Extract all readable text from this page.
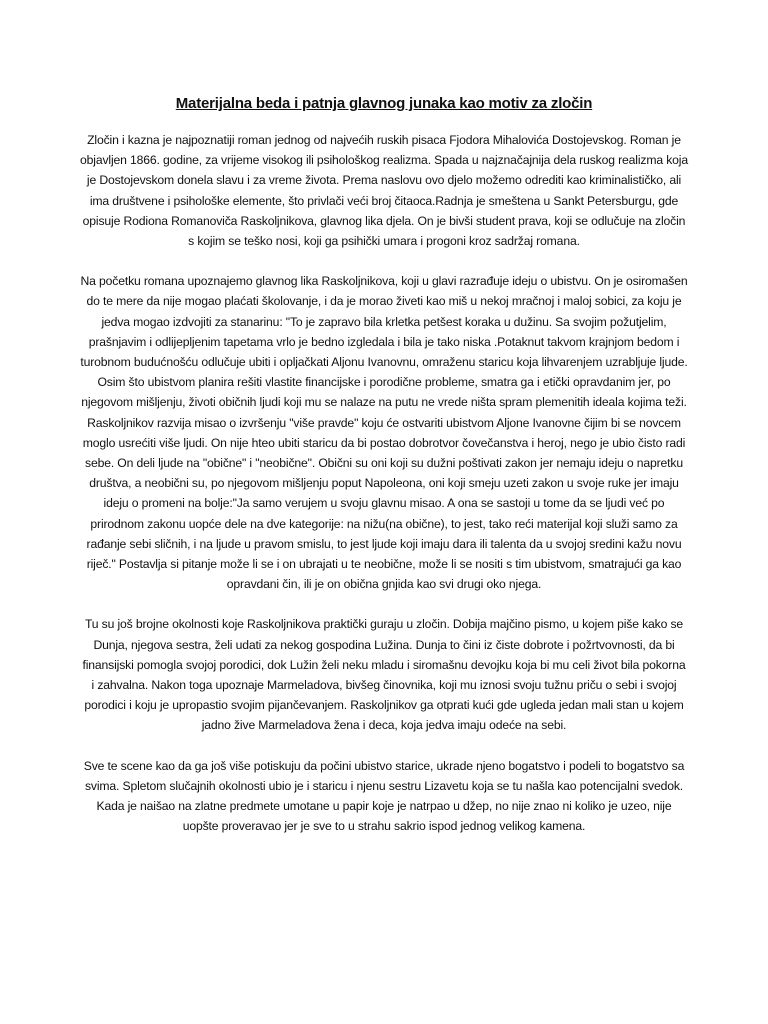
Materijalna beda i patnja glavnog junaka kao motiv za zločin

Zločin i kazna je najpoznatiji roman jednog od najvećih ruskih pisaca Fjodora Mihalovića Dostojevskog. Roman je objavljen 1866. godine, za vrijeme visokog ili psihološkog realizma. Spada u najznačajnija dela ruskog realizma koja je Dostojevskom donela slavu i za vreme života. Prema naslovu ovo djelo možemo odrediti kao kriminalističko, ali ima društvene i psihološke elemente, što privlači veći broj čitaoca.Radnja je smeštena u Sankt Petersburgu, gde opisuje Rodiona Romanoviča Raskoljnikova, glavnog lika djela. On je bivši student prava, koji se odlučuje na zločin s kojim se teško nosi, koji ga psihički umara i progoni kroz sadržaj romana.

Na početku romana upoznajemo glavnog lika Raskoljnikova, koji u glavi razrađuje ideju o ubistvu. On je osiromašen do te mere da nije mogao plaćati školovanje, i da je morao živeti kao miš u nekoj mračnoj i maloj sobici, za koju je jedva mogao izdvojiti za stanarinu: "To je zapravo bila krletka petšest koraka u dužinu. Sa svojim požutjelim, prašnjavim i odlijepljenim tapetama vrlo je bedno izgledala i bila je tako niska .Potaknut takvom krajnjom bedom i turobnom budućnošću odlučuje ubiti i opljačkati Aljonu Ivanovnu, omraženu staricu koja lihvarenjem uzrabljuje ljude. Osim što ubistvom planira rešiti vlastite financijske i porodične probleme, smatra ga i etički opravdanim jer, po njegovom mišljenju, životi običnih ljudi koji mu se nalaze na putu ne vrede ništa spram plemenitih ideala kojima teži. Raskoljnikov razvija misao o izvršenju "više pravde" koju će ostvariti ubistvom Aljone Ivanovne čijim bi se novcem moglo usrećiti više ljudi. On nije hteo ubiti staricu da bi postao dobrotvor čovečanstva i heroj, nego je ubio čisto radi sebe. On deli ljude na "obične" i "neobične". Obični su oni koji su dužni poštivati zakon jer nemaju ideju o napretku društva, a neobični su, po njegovom mišljenju poput Napoleona, oni koji smeju uzeti zakon u svoje ruke jer imaju ideju o promeni na bolje:"Ja samo verujem u svoju glavnu misao. A ona se sastoji u tome da se ljudi već po prirodnom zakonu uopće dele na dve kategorije: na nižu(na obične), to jest, tako reći materijal koji služi samo za rađanje sebi sličnih, i na ljude u pravom smislu, to jest ljude koji imaju dara ili talenta da u svojoj sredini kažu novu riječ." Postavlja si pitanje može li se i on ubrajati u te neobične, može li se nositi s tim ubistvom, smatrajući ga kao opravdani čin, ili je on obična gnjida kao svi drugi oko njega.

Tu su još brojne okolnosti koje Raskoljnikova praktički guraju u zločin. Dobija majčino pismo, u kojem piše kako se Dunja, njegova sestra, želi udati za nekog gospodina Lužina. Dunja to čini iz čiste dobrote i požrtvovnosti, da bi finansijski pomogla svojoj porodici, dok Lužin želi neku mladu i siromašnu devojku koja bi mu celi život bila pokorna i zahvalna. Nakon toga upoznaje Marmeladova, bivšeg činovnika, koji mu iznosi svoju tužnu priču o sebi i svojoj porodici i koju je upropastio svojim pijančevanjem. Raskoljnikov ga otprati kući gde ugleda jedan mali stan u kojem jadno žive Marmeladova žena i deca, koja jedva imaju odeće na sebi.

Sve te scene kao da ga još više potiskuju da počini ubistvo starice, ukrade njeno bogatstvo i podeli to bogatstvo sa svima. Spletom slučajnih okolnosti ubio je i staricu i njenu sestru Lizavetu koja se tu našla kao potencijalni svedok. Kada je naišao na zlatne predmete umotane u papir koje je natrpao u džep, no nije znao ni koliko je uzeo, nije uopšte proveravao jer je sve to u strahu sakrio ispod jednog velikog kamena.
